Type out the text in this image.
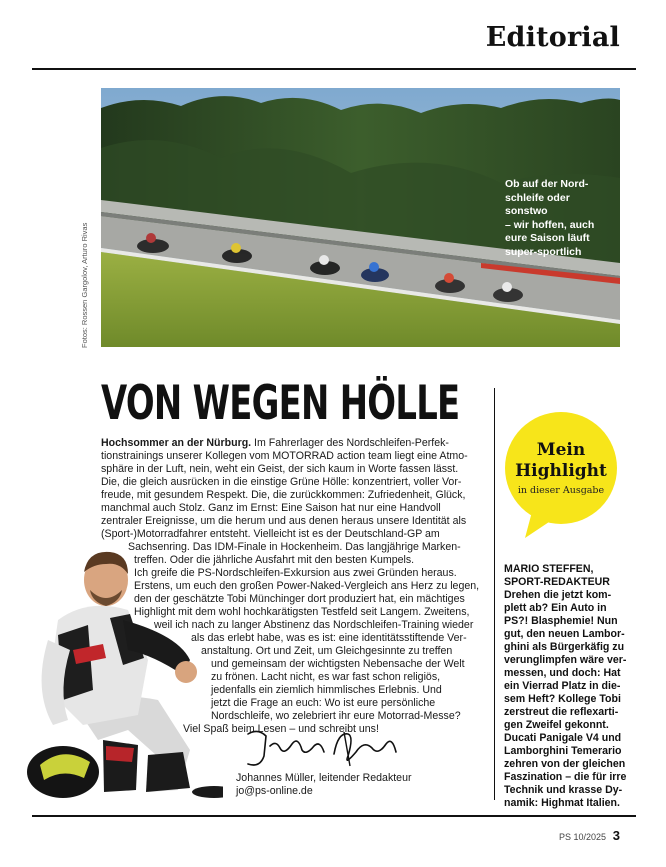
Editorial
Ob auf der Nord-
schleife oder sonstwo
– wir hoffen, auch
eure Saison läuft
super-sportlich
Fotos: Rossen Gargolov, Arturo Rivas
VON WEGEN HÖLLE
Hochsommer an der Nürburg. Im Fahrerlager des Nordschleifen-Perfek-
tionstrainings unserer Kollegen vom MOTORRAD action team liegt eine Atmo-
sphäre in der Luft, nein, weht ein Geist, der sich kaum in Worte fassen lässt.
Die, die gleich ausrücken in die einstige Grüne Hölle: konzentriert, voller Vor-
freude, mit gesundem Respekt. Die, die zurückkommen: Zufriedenheit, Glück,
manchmal auch Stolz. Ganz im Ernst: Eine Saison hat nur eine Handvoll
zentraler Ereignisse, um die herum und aus denen heraus unsere Identität als
(Sport-)Motorradfahrer entsteht. Vielleicht ist es der Deutschland-GP am
Sachsenring. Das IDM-Finale in Hockenheim. Das langjährige Marken-
treffen. Oder die jährliche Ausfahrt mit den besten Kumpels.
Ich greife die PS-Nordschleifen-Exkursion aus zwei Gründen heraus.
Erstens, um euch den großen Power-Naked-Vergleich ans Herz zu legen,
den der geschätzte Tobi Münchinger dort produziert hat, ein mächtiges
Highlight mit dem wohl hochkarätigsten Testfeld seit Langem. Zweitens,
weil ich nach zu langer Abstinenz das Nordschleifen-Training wieder
als das erlebt habe, was es ist: eine identitätsstiftende Ver-
anstaltung. Ort und Zeit, um Gleichgesinnte zu treffen
und gemeinsam der wichtigsten Nebensache der Welt
zu frönen. Lacht nicht, es war fast schon religiös,
jedenfalls ein ziemlich himmlisches Erlebnis. Und
jetzt die Frage an euch: Wo ist eure persönliche
Nordschleife, wo zelebriert ihr eure Motorrad-Messe?
Viel Spaß beim Lesen – und schreibt uns!
Johannes Müller, leitender Redakteur
jo@ps-online.de
Mein
Highlight
in dieser Ausgabe
MARIO STEFFEN,
SPORT-REDAKTEUR
Drehen die jetzt kom-
plett ab? Ein Auto in
PS?! Blasphemie! Nun
gut, den neuen Lambor-
ghini als Bürgerkäfig zu
verunglimpfen wäre ver-
messen, und doch: Hat
ein Vierrad Platz in die-
sem Heft? Kollege Tobi
zerstreut die reflexarti-
gen Zweifel gekonnt.
Ducati Panigale V4 und
Lamborghini Temerario
zehren von der gleichen
Faszination – die für irre
Technik und krasse Dy-
namik: Highmat Italien.
PS 10/2025 3
